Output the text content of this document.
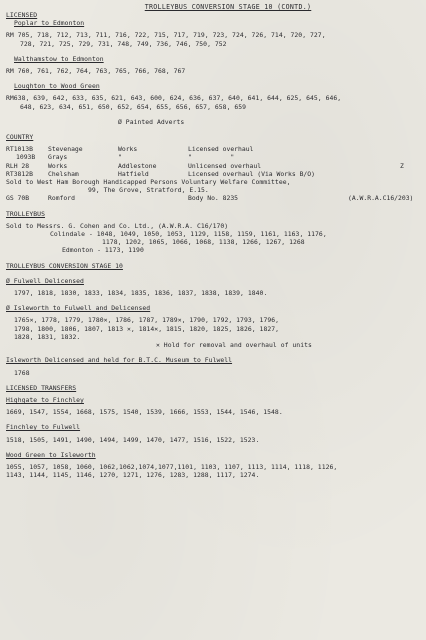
TROLLEYBUS CONVERSION STAGE 10 (CONTD.)
LICENSED
Poplar to Edmonton
RM 705, 718, 712, 713, 711, 716, 722, 715, 717, 719, 723, 724, 726, 714, 720, 727,
728, 721, 725, 729, 731, 748, 749, 736, 746, 750, 752
Walthamstow to Edmonton
RM 760, 761, 762, 764, 763, 765, 766, 768, 767
Loughton to Wood Green
RM638, 639, 642, 633, 635, 621, 643, 600, 624, 636, 637, 640, 641, 644, 625, 645, 646,
648, 623, 634, 651, 650, 652, 654, 655, 656, 657, 658, 659
Ø Painted Adverts
COUNTRY
RT1013B	Stevenage	Works	Licensed overhaul
1093B	Grays	"	"          "
RLH 28	Works	Addlestone	Unlicensed overhaul	Z
RT3812B	Chelsham	Hatfield	Licensed overhaul (Via Works B/O)
Sold to West Ham Borough Handicapped Persons Voluntary Welfare Committee,
99, The Grove, Stratford, E.15.
GS 70B	Romford	Body No. 8235	(A.W.R.A.C16/203)
TROLLEYBUS
Sold to Messrs. G. Cohen and Co. Ltd., (A.W.R.A. C16/170)
Colindale - 1048, 1049, 1050, 1053, 1129, 1158, 1159, 1161, 1163, 1176,
1178, 1202, 1065, 1066, 1068, 1138, 1266, 1267, 1268
Edmonton - 1173, 1190
TROLLEYBUS CONVERSION STAGE 10
Ø Fulwell Delicensed
1797, 1818, 1830, 1833, 1834, 1835, 1836, 1837, 1838, 1839, 1840.
Ø Isleworth to Fulwell and Delicensed
1765✕, 1778, 1779, 1780✕, 1786, 1787, 1789✕, 1790, 1792, 1793, 1796,
1798, 1800, 1806, 1807, 1813 ✕, 1814✕, 1815, 1820, 1825, 1826, 1827,
1828, 1831, 1832.
✕ Hold for removal and overhaul of units
Isleworth Delicensed and held for B.T.C. Museum to Fulwell
1768
LICENSED TRANSFERS
Highgate to Finchley
1669, 1547, 1554, 1668, 1575, 1540, 1539, 1666, 1553, 1544, 1546, 1548.
Finchley to Fulwell
1518, 1505, 1491, 1490, 1494, 1499, 1470, 1477, 1516, 1522, 1523.
Wood Green to Isleworth
1055, 1057, 1058, 1060, 1062,1062,1074,1077,1101, 1103, 1107, 1113, 1114, 1118, 1126,
1143, 1144, 1145, 1146, 1270, 1271, 1276, 1283, 1288, 1117, 1274.
